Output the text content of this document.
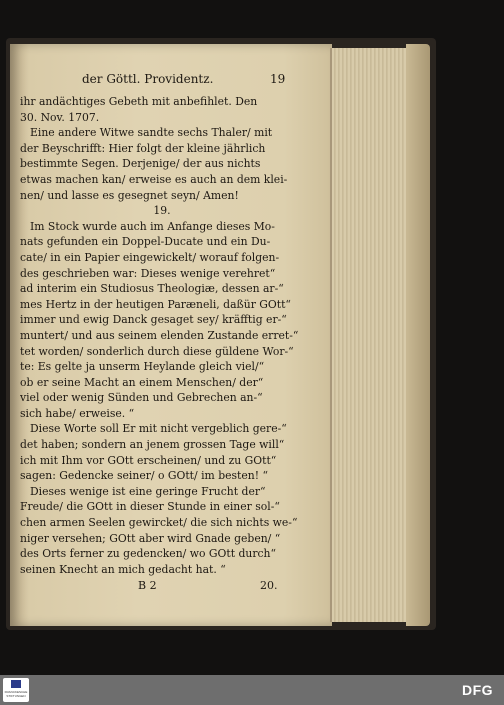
der Göttl. Providentz.	19
ihr andächtiges Gebeth mit anbefihlet. Den
30. Nov. 1707.
Eine andere Witwe sandte sechs Thaler/ mit
der Beyschrifft: Hier folgt der kleine jährlich
bestimmte Segen. Derjenige/ der aus nichts
etwas machen kan/ erweise es auch an dem klei-
nen/ und lasse es gesegnet seyn/ Amen!
19.
Im Stock wurde auch im Anfange dieses Mo-
nats gefunden ein Doppel-Ducate und ein Du-
cate/ in ein Papier eingewickelt/ worauf folgen-
des geschrieben war: Dieses wenige verehret“
ad interim ein Studiosus Theologiæ, dessen ar-“
mes Hertz in der heutigen Paræneli, daßür GOtt“
immer und ewig Danck gesaget sey/ kräfftig er-“
muntert/ und aus seinem elenden Zustande erret-“
tet worden/ sonderlich durch diese güldene Wor-“
te: Es gelte ja unserm Heylande gleich viel/“
ob er seine Macht an einem Menschen/ der“
viel oder wenig Sünden und Gebrechen an-“
sich habe/ erweise. “
Diese Worte soll Er mit nicht vergeblich gere-“
det haben; sondern an jenem grossen Tage will“
ich mit Ihm vor GOtt erscheinen/ und zu GOtt“
sagen: Gedencke seiner/ o GOtt/ im besten! “
Dieses wenige ist eine geringe Frucht der“
Freude/ die GOtt in dieser Stunde in einer sol-“
chen armen Seelen gewircket/ die sich nichts we-“
niger versehen; GOtt aber wird Gnade geben/ “
des Orts ferner zu gedencken/ wo GOtt durch“
seinen Knecht an mich gedacht hat. “
B 2	20.
FRANCKESCHE STIFTUNGEN	DFG
